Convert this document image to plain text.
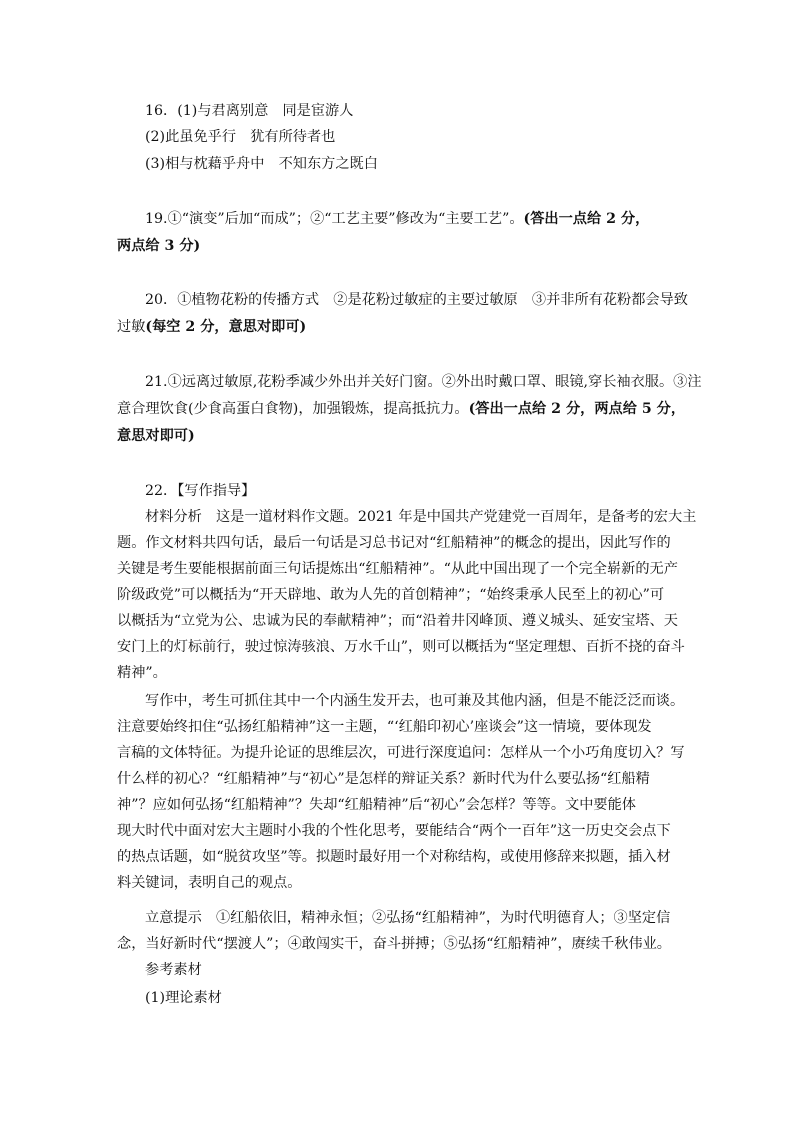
16．(1)与君离别意　同是宦游人
(2)此虽免乎行　犹有所待者也
(3)相与枕藉乎舟中　不知东方之既白
19.①“演变”后加“而成”；②“工艺主要”修改为“主要工艺”。(答出一点给 2 分，
两点给 3 分)
20．①植物花粉的传播方式　②是花粉过敏症的主要过敏原　③并非所有花粉都会导致
过敏(每空 2 分，意思对即可)
21.①远离过敏原,花粉季减少外出并关好门窗。②外出时戴口罩、眼镜,穿长袖衣服。③注
意合理饮食(少食高蛋白食物)，加强锻炼，提高抵抗力。(答出一点给 2 分，两点给 5 分，
意思对即可)
22．【写作指导】
材料分析　这是一道材料作文题。2021 年是中国共产党建党一百周年，是备考的宏大主
题。作文材料共四句话，最后一句话是习总书记对“红船精神”的概念的提出，因此写作的
关键是考生要能根据前面三句话提炼出“红船精神”。“从此中国出现了一个完全崭新的无产
阶级政党”可以概括为“开天辟地、敢为人先的首创精神”；“始终秉承人民至上的初心”可
以概括为“立党为公、忠诚为民的奉献精神”；而“沿着井冈峰顶、遵义城头、延安宝塔、天
安门上的灯标前行，驶过惊涛骇浪、万水千山”，则可以概括为“坚定理想、百折不挠的奋斗
精神”。
写作中，考生可抓住其中一个内涵生发开去，也可兼及其他内涵，但是不能泛泛而谈。
注意要始终扣住“弘扬红船精神”这一主题，“‘红船印初心’座谈会”这一情境，要体现发
言稿的文体特征。为提升论证的思维层次，可进行深度追问：怎样从一个小巧角度切入？写
什么样的初心？“红船精神”与“初心”是怎样的辩证关系？新时代为什么要弘扬“红船精
神”？应如何弘扬“红船精神”？失却“红船精神”后“初心”会怎样？等等。文中要能体
现大时代中面对宏大主题时小我的个性化思考，要能结合“两个一百年”这一历史交会点下
的热点话题，如“脱贫攻坚”等。拟题时最好用一个对称结构，或使用修辞来拟题，插入材
料关键词，表明自己的观点。
立意提示　①红船依旧，精神永恒；②弘扬“红船精神”，为时代明德育人；③坚定信
念，当好新时代“摆渡人”；④敢闯实干，奋斗拼搏；⑤弘扬“红船精神”，赓续千秋伟业。
参考素材
(1)理论素材
